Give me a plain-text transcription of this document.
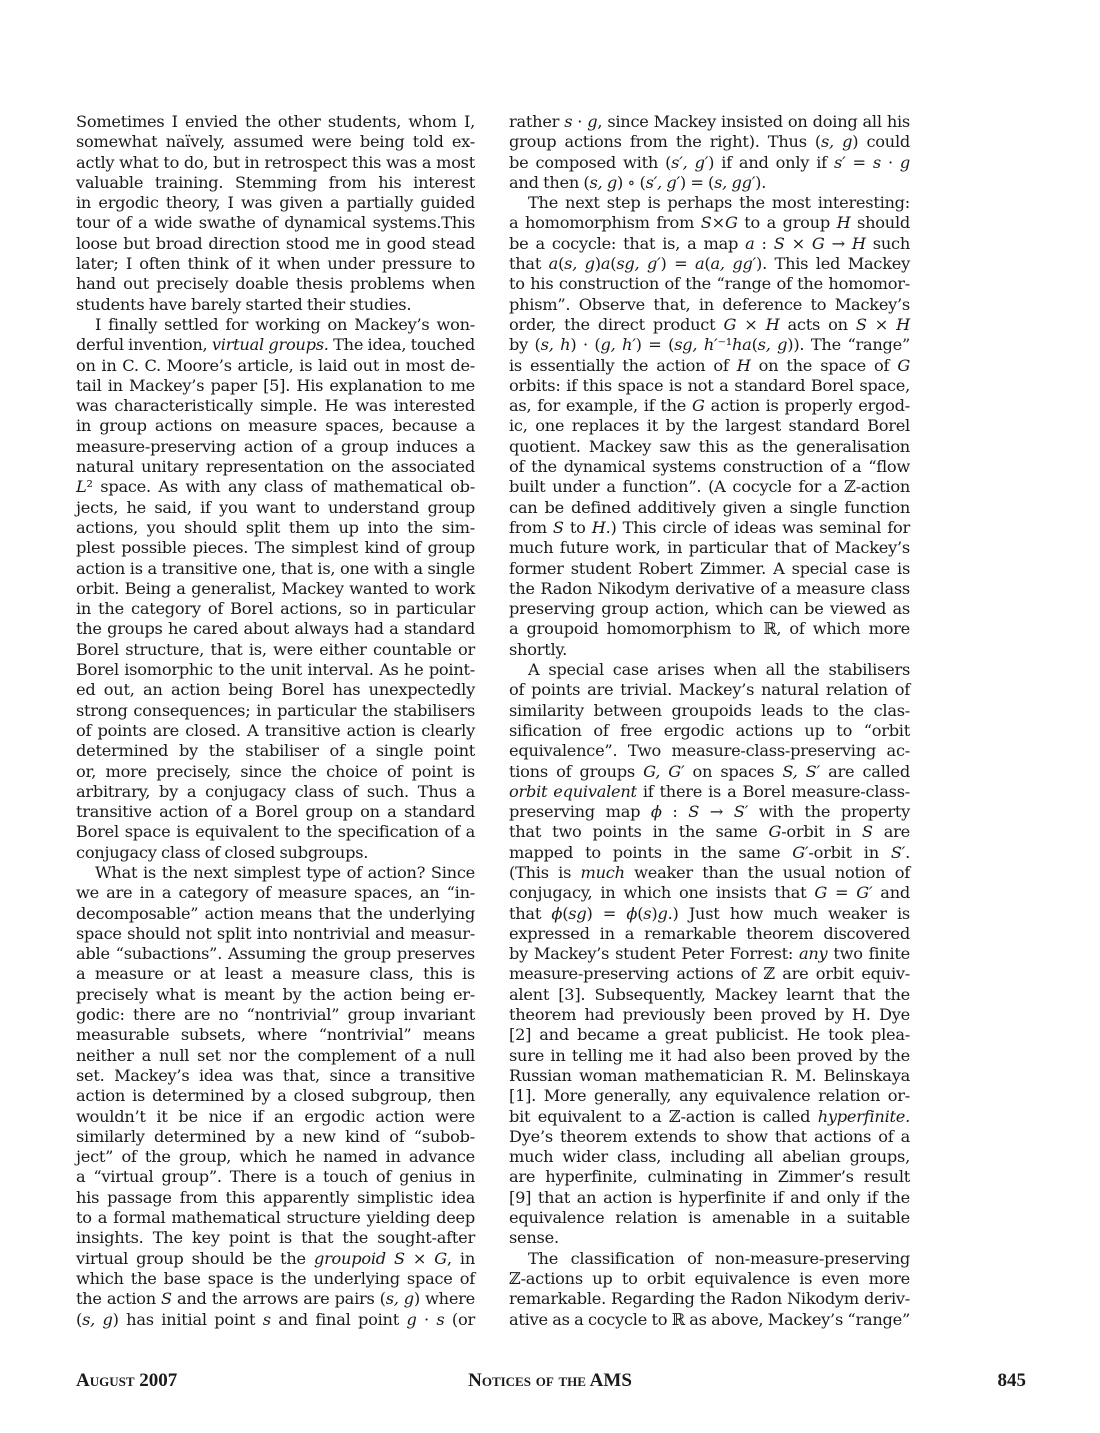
Sometimes I envied the other students, whom I,
somewhat naïvely, assumed were being told ex-
actly what to do, but in retrospect this was a most
valuable training. Stemming from his interest
in ergodic theory, I was given a partially guided
tour of a wide swathe of dynamical systems.This
loose but broad direction stood me in good stead
later; I often think of it when under pressure to
hand out precisely doable thesis problems when
students have barely started their studies.
I finally settled for working on Mackey’s won-
derful invention, virtual groups. The idea, touched
on in C. C. Moore’s article, is laid out in most de-
tail in Mackey’s paper [5]. His explanation to me
was characteristically simple. He was interested
in group actions on measure spaces, because a
measure-preserving action of a group induces a
natural unitary representation on the associated
L² space. As with any class of mathematical ob-
jects, he said, if you want to understand group
actions, you should split them up into the sim-
plest possible pieces. The simplest kind of group
action is a transitive one, that is, one with a single
orbit. Being a generalist, Mackey wanted to work
in the category of Borel actions, so in particular
the groups he cared about always had a standard
Borel structure, that is, were either countable or
Borel isomorphic to the unit interval. As he point-
ed out, an action being Borel has unexpectedly
strong consequences; in particular the stabilisers
of points are closed. A transitive action is clearly
determined by the stabiliser of a single point
or, more precisely, since the choice of point is
arbitrary, by a conjugacy class of such. Thus a
transitive action of a Borel group on a standard
Borel space is equivalent to the specification of a
conjugacy class of closed subgroups.
What is the next simplest type of action? Since
we are in a category of measure spaces, an “in-
decomposable” action means that the underlying
space should not split into nontrivial and measur-
able “subactions”. Assuming the group preserves
a measure or at least a measure class, this is
precisely what is meant by the action being er-
godic: there are no “nontrivial” group invariant
measurable subsets, where “nontrivial” means
neither a null set nor the complement of a null
set. Mackey’s idea was that, since a transitive
action is determined by a closed subgroup, then
wouldn’t it be nice if an ergodic action were
similarly determined by a new kind of “subob-
ject” of the group, which he named in advance
a “virtual group”. There is a touch of genius in
his passage from this apparently simplistic idea
to a formal mathematical structure yielding deep
insights. The key point is that the sought-after
virtual group should be the groupoid S × G, in
which the base space is the underlying space of
the action S and the arrows are pairs (s, g) where
(s, g) has initial point s and final point g · s (or
rather s · g, since Mackey insisted on doing all his
group actions from the right). Thus (s, g) could
be composed with (s′, g′) if and only if s′ = s · g
and then (s, g) ∘ (s′, g′) = (s, gg′).
The next step is perhaps the most interesting:
a homomorphism from S×G to a group H should
be a cocycle: that is, a map a : S × G → H such
that a(s, g)a(sg, g′) = a(a, gg′). This led Mackey
to his construction of the “range of the homomor-
phism”. Observe that, in deference to Mackey’s
order, the direct product G × H acts on S × H
by (s, h) · (g, h′) = (sg, h′⁻¹ha(s, g)). The “range”
is essentially the action of H on the space of G
orbits: if this space is not a standard Borel space,
as, for example, if the G action is properly ergod-
ic, one replaces it by the largest standard Borel
quotient. Mackey saw this as the generalisation
of the dynamical systems construction of a “flow
built under a function”. (A cocycle for a ℤ-action
can be defined additively given a single function
from S to H.) This circle of ideas was seminal for
much future work, in particular that of Mackey’s
former student Robert Zimmer. A special case is
the Radon Nikodym derivative of a measure class
preserving group action, which can be viewed as
a groupoid homomorphism to ℝ, of which more
shortly.
A special case arises when all the stabilisers
of points are trivial. Mackey’s natural relation of
similarity between groupoids leads to the clas-
sification of free ergodic actions up to “orbit
equivalence”. Two measure-class-preserving ac-
tions of groups G, G′ on spaces S, S′ are called
orbit equivalent if there is a Borel measure-class-
preserving map ϕ : S → S′ with the property
that two points in the same G-orbit in S are
mapped to points in the same G′-orbit in S′.
(This is much weaker than the usual notion of
conjugacy, in which one insists that G = G′ and
that ϕ(sg) = ϕ(s)g.) Just how much weaker is
expressed in a remarkable theorem discovered
by Mackey’s student Peter Forrest: any two finite
measure-preserving actions of ℤ are orbit equiv-
alent [3]. Subsequently, Mackey learnt that the
theorem had previously been proved by H. Dye
[2] and became a great publicist. He took plea-
sure in telling me it had also been proved by the
Russian woman mathematician R. M. Belinskaya
[1]. More generally, any equivalence relation or-
bit equivalent to a ℤ-action is called hyperfinite.
Dye’s theorem extends to show that actions of a
much wider class, including all abelian groups,
are hyperfinite, culminating in Zimmer’s result
[9] that an action is hyperfinite if and only if the
equivalence relation is amenable in a suitable
sense.
The classification of non-measure-preserving
ℤ-actions up to orbit equivalence is even more
remarkable. Regarding the Radon Nikodym deriv-
ative as a cocycle to ℝ as above, Mackey’s “range”
August 2007	Notices of the AMS	845
